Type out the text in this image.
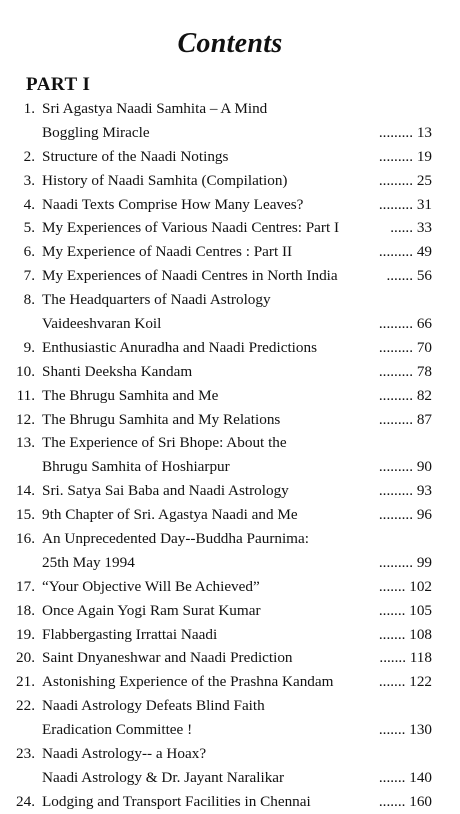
Contents
PART I
1. Sri Agastya Naadi Samhita – A Mind
Boggling Miracle	......... 13
2. Structure of the Naadi Notings	......... 19
3. History of Naadi Samhita (Compilation)	......... 25
4. Naadi Texts Comprise How Many Leaves?	......... 31
5. My Experiences of Various Naadi Centres: Part I	...... 33
6. My Experience of Naadi Centres : Part II	......... 49
7. My Experiences of Naadi Centres in North India	....... 56
8. The Headquarters of Naadi Astrology
Vaideeshvaran Koil	......... 66
9. Enthusiastic Anuradha and Naadi Predictions	......... 70
10. Shanti Deeksha Kandam	......... 78
11. The Bhrugu Samhita and Me	......... 82
12. The Bhrugu Samhita and My Relations	......... 87
13. The Experience of Sri Bhope: About the
Bhrugu Samhita of Hoshiarpur	......... 90
14. Sri. Satya Sai Baba and Naadi Astrology	......... 93
15. 9th Chapter of Sri. Agastya Naadi and Me	......... 96
16. An Unprecedented Day--Buddha Paurnima:
25th May 1994	......... 99
17. “Your Objective Will Be Achieved”	....... 102
18. Once Again Yogi Ram Surat Kumar	....... 105
19. Flabbergasting Irrattai Naadi	....... 108
20. Saint Dnyaneshwar and Naadi Prediction	....... 118
21. Astonishing Experience of the Prashna Kandam	....... 122
22. Naadi Astrology Defeats Blind Faith
Eradication Committee !	....... 130
23. Naadi Astrology-- a Hoax?
Naadi Astrology & Dr. Jayant Naralikar	....... 140
24. Lodging and Transport Facilities in Chennai	....... 160
